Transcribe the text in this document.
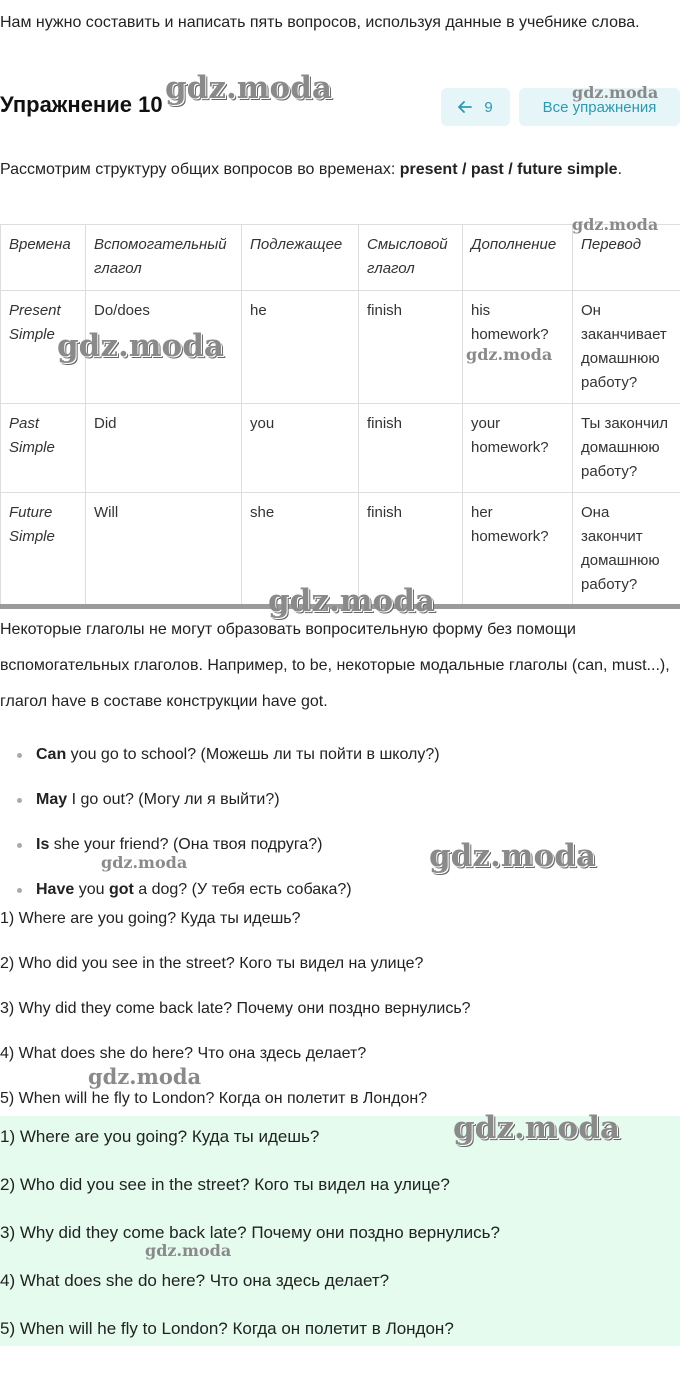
Нам нужно составить и написать пять вопросов, используя данные в учебнике слова.

Упражнение 10	9	Все упражнения

Рассмотрим структуру общих вопросов во временах: present / past / future simple.

Времена	Вспомогательный глагол	Подлежащее	Смысловой глагол	Дополнение	Перевод
Present Simple	Do/does	he	finish	his homework?	Он заканчивает домашнюю работу?
Past Simple	Did	you	finish	your homework?	Ты закончил домашнюю работу?
Future Simple	Will	she	finish	her homework?	Она закончит домашнюю работу?

Некоторые глаголы не могут образовать вопросительную форму без помощи вспомогательных глаголов. Например, to be, некоторые модальные глаголы (can, must...), глагол have в составе конструкции have got.

Can you go to school? (Можешь ли ты пойти в школу?)
May I go out? (Могу ли я выйти?)
Is she your friend? (Она твоя подруга?)
Have you got a dog? (У тебя есть собака?)
1) Where are you going? Куда ты идешь?
2) Who did you see in the street? Кого ты видел на улице?
3) Why did they come back late? Почему они поздно вернулись?
4) What does she do here? Что она здесь делает?
5) When will he fly to London? Когда он полетит в Лондон?
1) Where are you going? Куда ты идешь?
2) Who did you see in the street? Кого ты видел на улице?
3) Why did they come back late? Почему они поздно вернулись?
4) What does she do here? Что она здесь делает?
5) When will he fly to London? Когда он полетит в Лондон?
gdz.moda	gdz.moda
gdz.moda
gdz.moda	gdz.moda
gdz.moda
gdz.moda	gdz.moda
gdz.moda
gdz.moda
gdz.moda
